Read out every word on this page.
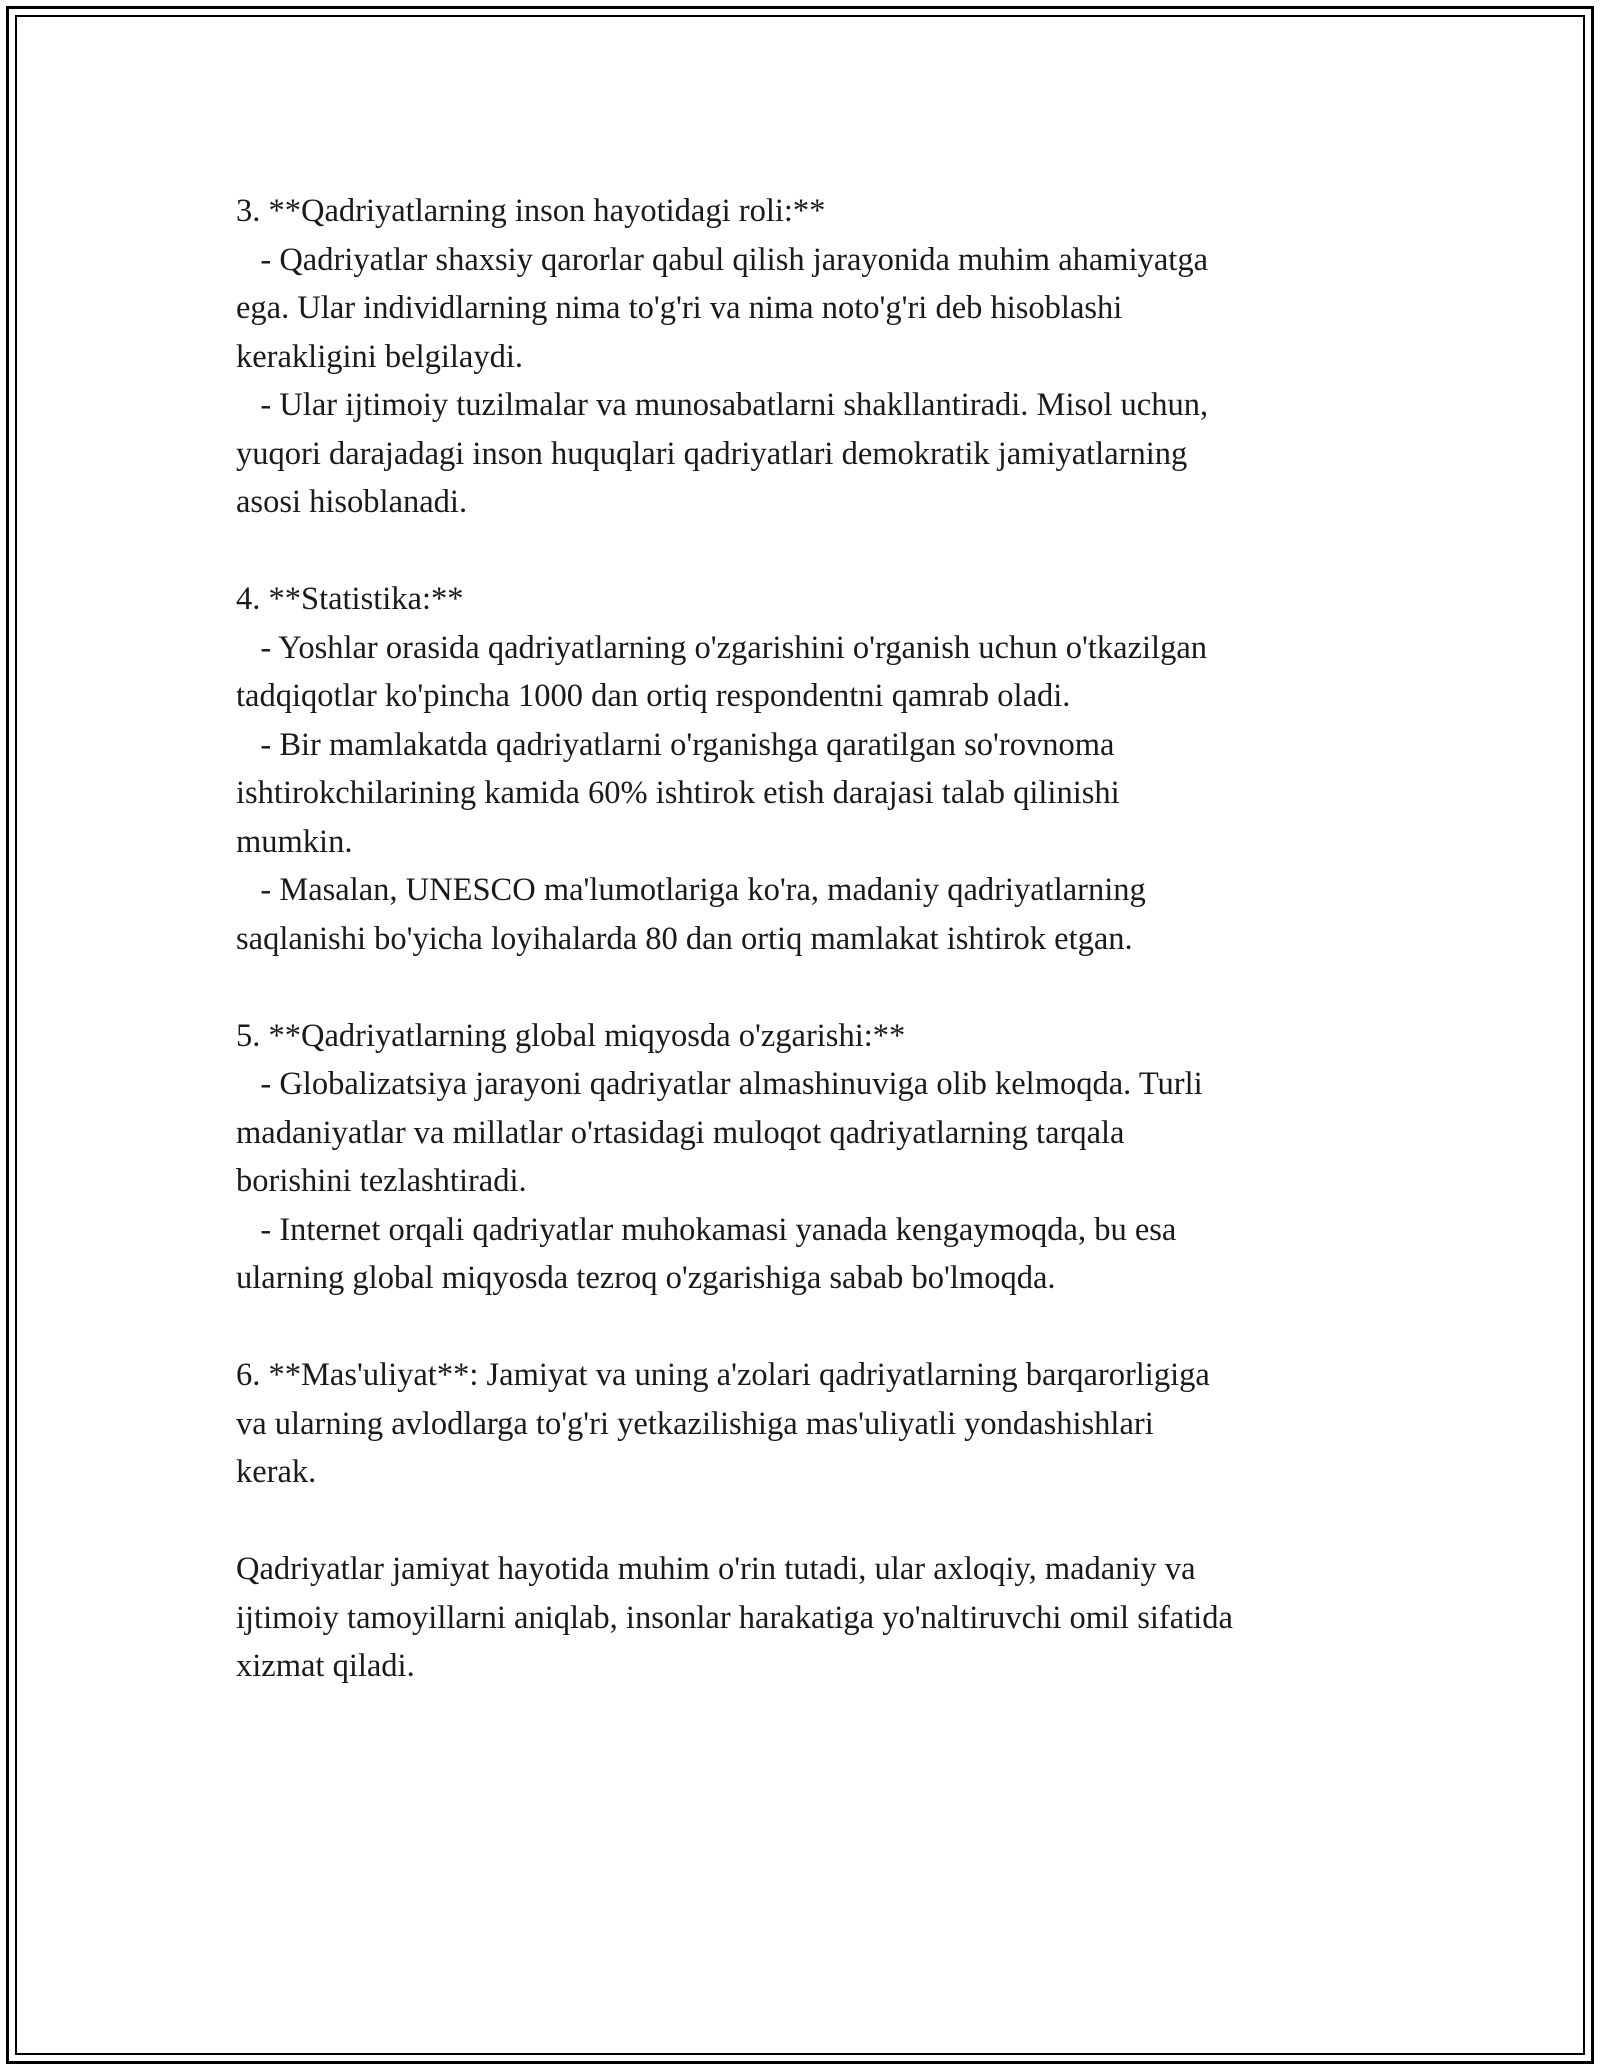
3. **Qadriyatlarning inson hayotidagi roli:**
- Qadriyatlar shaxsiy qarorlar qabul qilish jarayonida muhim ahamiyatga
ega. Ular individlarning nima to'g'ri va nima noto'g'ri deb hisoblashi
kerakligini belgilaydi.
- Ular ijtimoiy tuzilmalar va munosabatlarni shakllantiradi. Misol uchun,
yuqori darajadagi inson huquqlari qadriyatlari demokratik jamiyatlarning
asosi hisoblanadi.
4. **Statistika:**
- Yoshlar orasida qadriyatlarning o'zgarishini o'rganish uchun o'tkazilgan
tadqiqotlar ko'pincha 1000 dan ortiq respondentni qamrab oladi.
- Bir mamlakatda qadriyatlarni o'rganishga qaratilgan so'rovnoma
ishtirokchilarining kamida 60% ishtirok etish darajasi talab qilinishi
mumkin.
- Masalan, UNESCO ma'lumotlariga ko'ra, madaniy qadriyatlarning
saqlanishi bo'yicha loyihalarda 80 dan ortiq mamlakat ishtirok etgan.
5. **Qadriyatlarning global miqyosda o'zgarishi:**
- Globalizatsiya jarayoni qadriyatlar almashinuviga olib kelmoqda. Turli
madaniyatlar va millatlar o'rtasidagi muloqot qadriyatlarning tarqala
borishini tezlashtiradi.
- Internet orqali qadriyatlar muhokamasi yanada kengaymoqda, bu esa
ularning global miqyosda tezroq o'zgarishiga sabab bo'lmoqda.
6. **Mas'uliyat**: Jamiyat va uning a'zolari qadriyatlarning barqarorligiga
va ularning avlodlarga to'g'ri yetkazilishiga mas'uliyatli yondashishlari
kerak.
Qadriyatlar jamiyat hayotida muhim o'rin tutadi, ular axloqiy, madaniy va
ijtimoiy tamoyillarni aniqlab, insonlar harakatiga yo'naltiruvchi omil sifatida
xizmat qiladi.
